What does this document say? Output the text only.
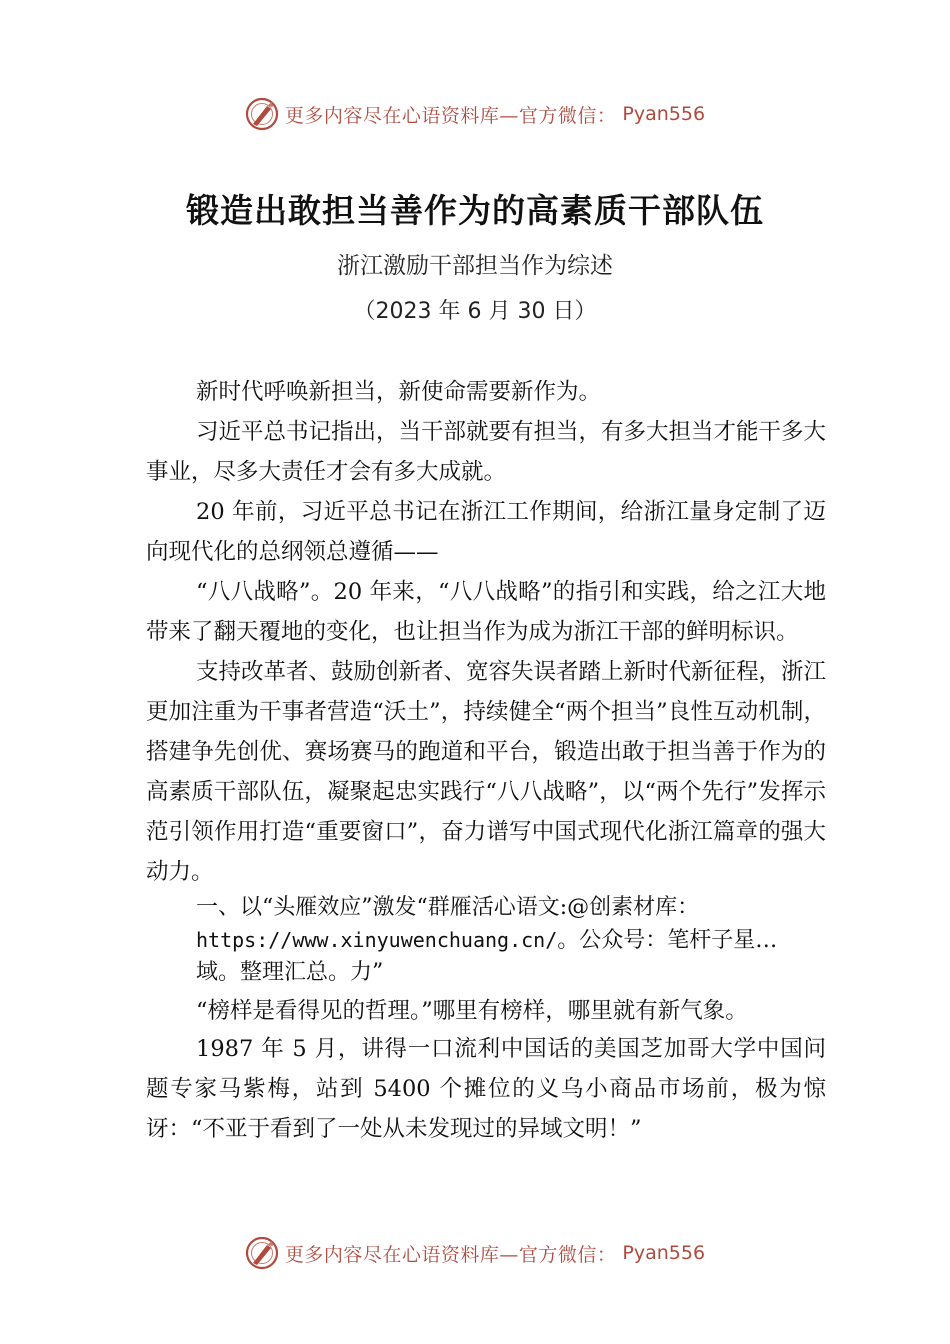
更多内容尽在心语资料库—官方微信： Pyan556
锻造出敢担当善作为的高素质干部队伍
浙江激励干部担当作为综述
（2023 年 6 月 30 日）

新时代呼唤新担当，新使命需要新作为。

习近平总书记指出，当干部就要有担当，有多大担当才能干多大事业，尽多大责任才会有多大成就。

20 年前，习近平总书记在浙江工作期间，给浙江量身定制了迈向现代化的总纲领总遵循——

“八八战略”。20 年来，“八八战略”的指引和实践，给之江大地带来了翻天覆地的变化，也让担当作为成为浙江干部的鲜明标识。

支持改革者、鼓励创新者、宽容失误者踏上新时代新征程，浙江更加注重为干事者营造“沃土”，持续健全“两个担当”良性互动机制，搭建争先创优、赛场赛马的跑道和平台，锻造出敢于担当善于作为的高素质干部队伍，凝聚起忠实践行“八八战略”，以“两个先行”发挥示范引领作用打造“重要窗口”，奋力谱写中国式现代化浙江篇章的强大动力。

一、以“头雁效应”激发“群雁活心语文:@创素材库：
https://www.xinyuwenchuang.cn/。公众号：笔杆子星…
域。整理汇总。力”

“榜样是看得见的哲理。”哪里有榜样，哪里就有新气象。

1987 年 5 月，讲得一口流利中国话的美国芝加哥大学中国问题专家马紫梅，站到 5400 个摊位的义乌小商品市场前，极为惊讶：“不亚于看到了一处从未发现过的异域文明！”

更多内容尽在心语资料库—官方微信： Pyan556
